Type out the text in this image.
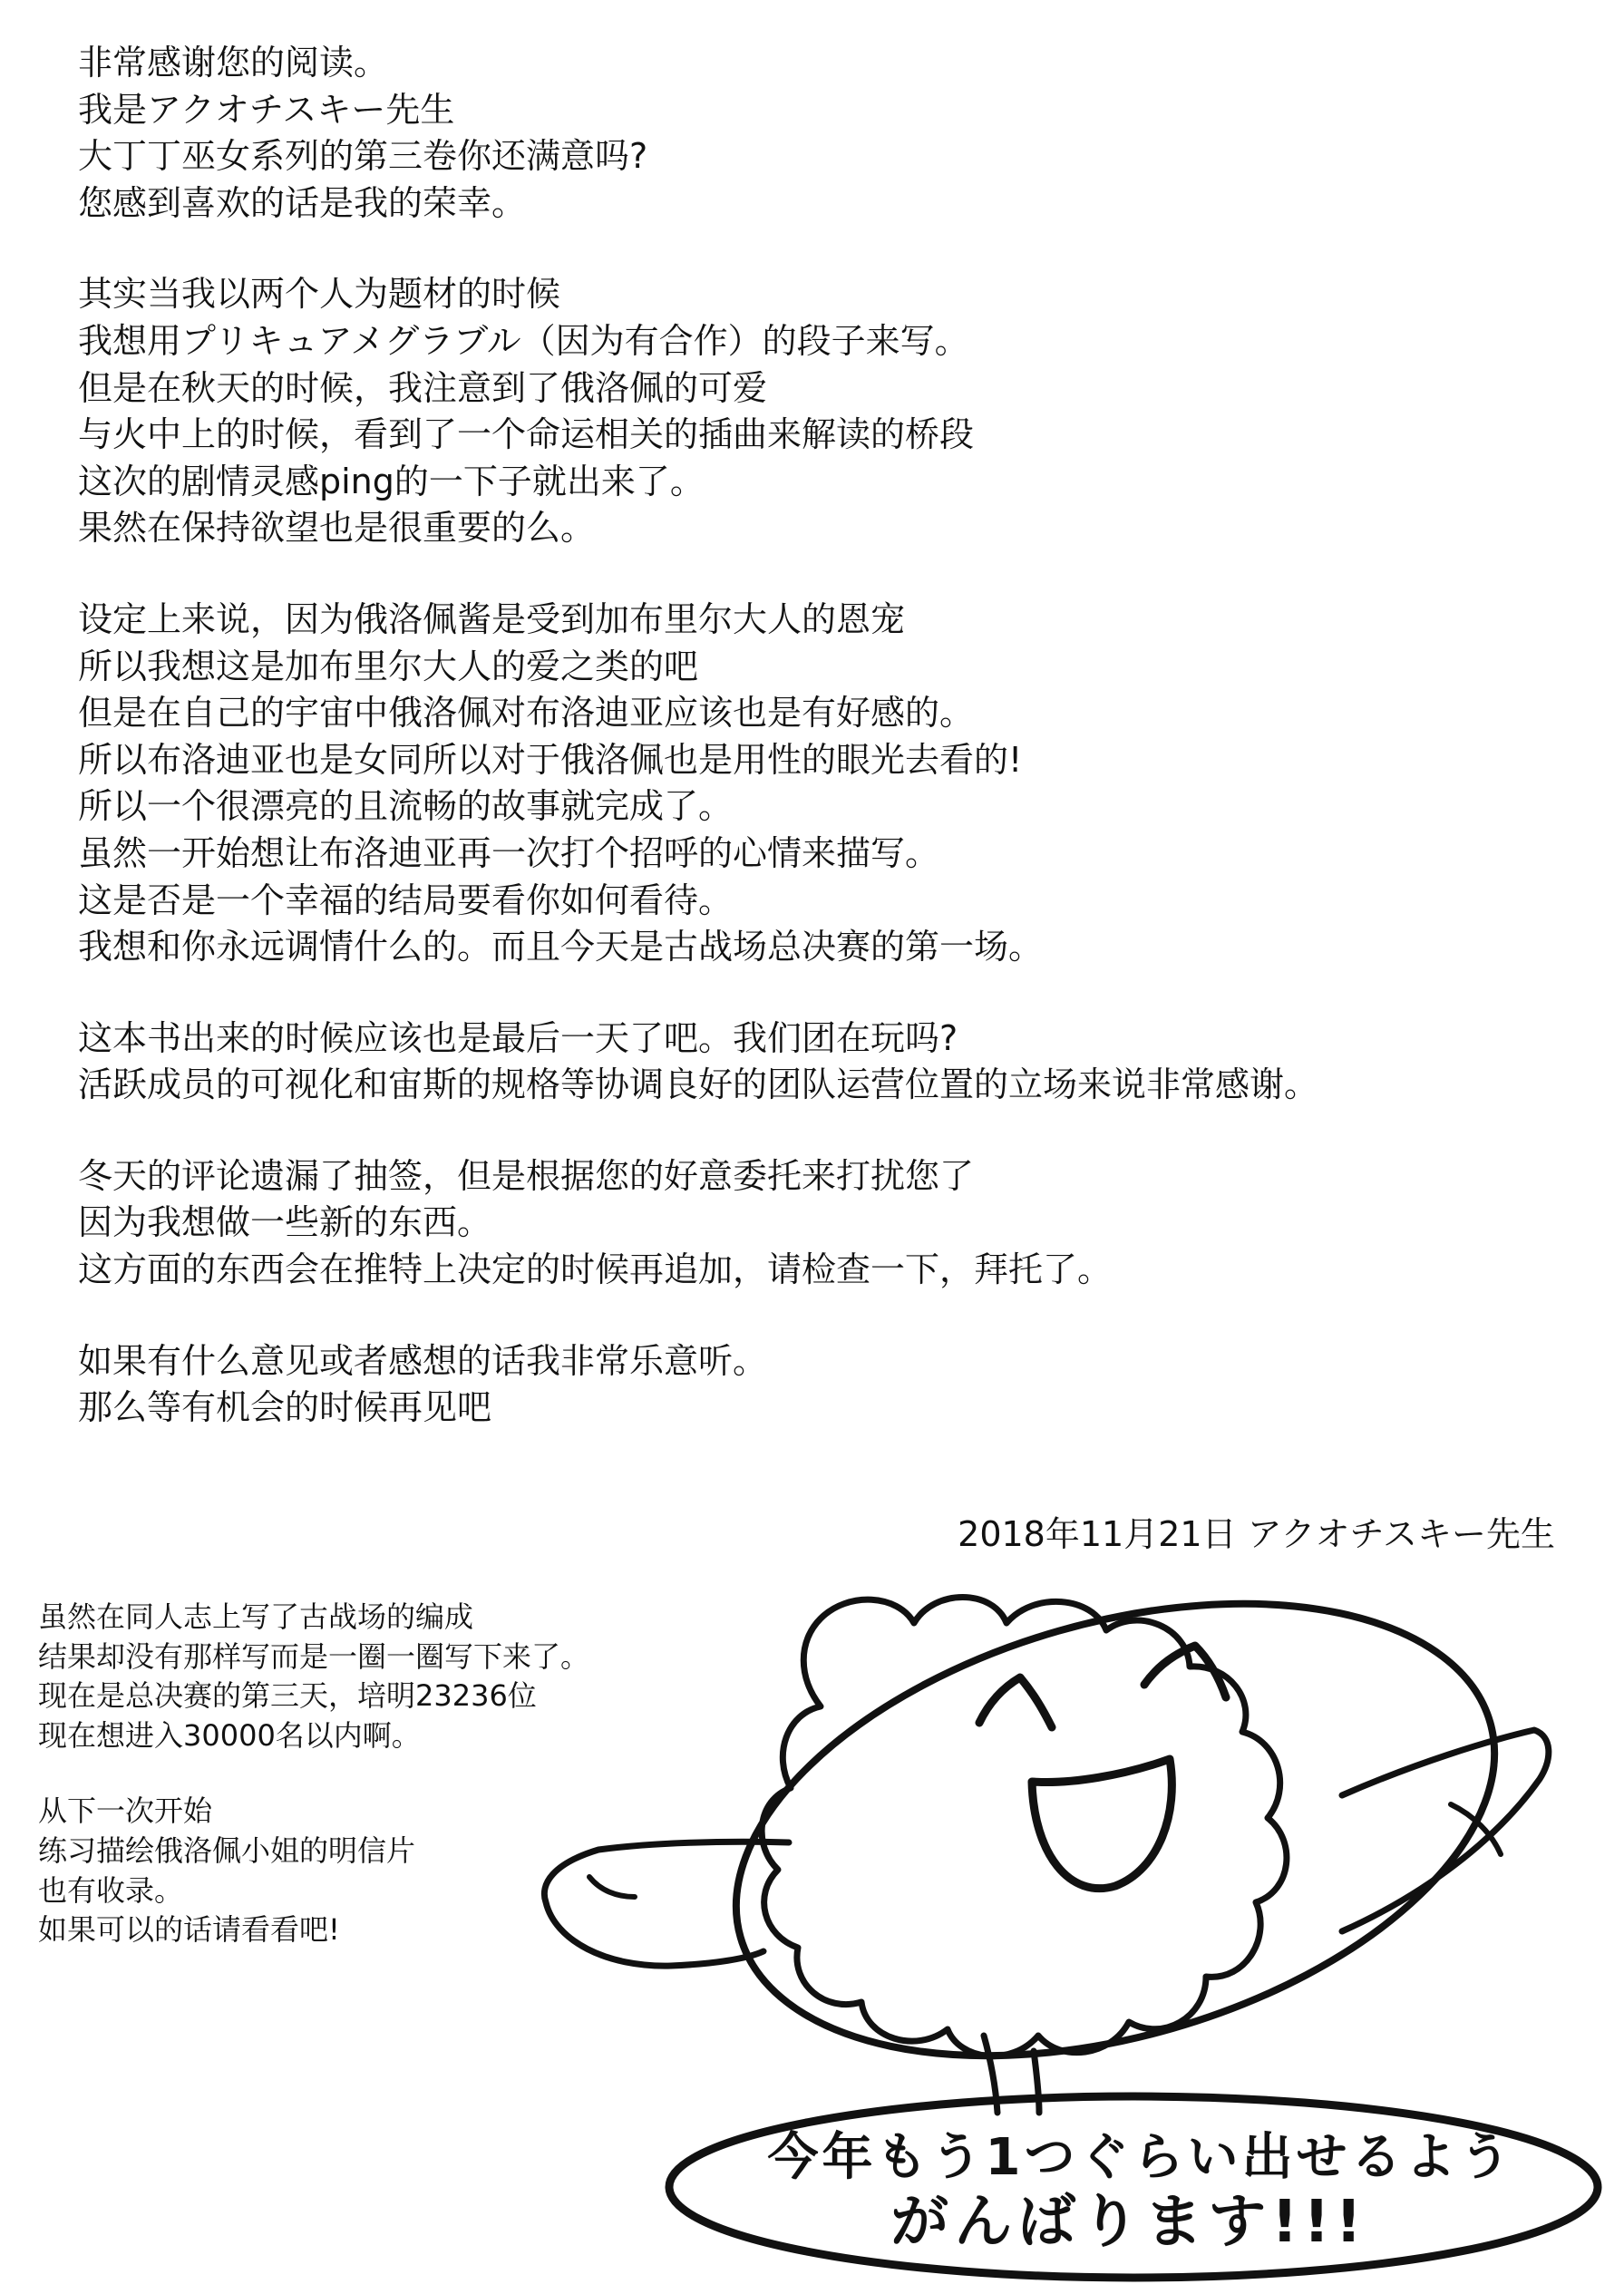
非常感谢您的阅读。
我是アクオチスキー先生
大丁丁巫女系列的第三卷你还满意吗?
您感到喜欢的话是我的荣幸。
其实当我以两个人为题材的时候
我想用プリキュアメグラブル（因为有合作）的段子来写。
但是在秋天的时候，我注意到了俄洛佩的可爱
与火中上的时候，看到了一个命运相关的插曲来解读的桥段
这次的剧情灵感ping的一下子就出来了。
果然在保持欲望也是很重要的么。
设定上来说，因为俄洛佩酱是受到加布里尔大人的恩宠
所以我想这是加布里尔大人的爱之类的吧
但是在自己的宇宙中俄洛佩对布洛迪亚应该也是有好感的。
所以布洛迪亚也是女同所以对于俄洛佩也是用性的眼光去看的!
所以一个很漂亮的且流畅的故事就完成了。
虽然一开始想让布洛迪亚再一次打个招呼的心情来描写。
这是否是一个幸福的结局要看你如何看待。
我想和你永远调情什么的。而且今天是古战场总决赛的第一场。
这本书出来的时候应该也是最后一天了吧。我们团在玩吗?
活跃成员的可视化和宙斯的规格等协调良好的团队运营位置的立场来说非常感谢。
冬天的评论遗漏了抽签，但是根据您的好意委托来打扰您了
因为我想做一些新的东西。
这方面的东西会在推特上决定的时候再追加，请检查一下，拜托了。
如果有什么意见或者感想的话我非常乐意听。
那么等有机会的时候再见吧
2018年11月21日 アクオチスキー先生
虽然在同人志上写了古战场的编成
结果却没有那样写而是一圈一圈写下来了。
现在是总决赛的第三天，培明23236位
现在想进入30000名以内啊。
从下一次开始
练习描绘俄洛佩小姐的明信片
也有收录。
如果可以的话请看看吧!
今年もう1つぐらい出せるよう
がんばります!!!
